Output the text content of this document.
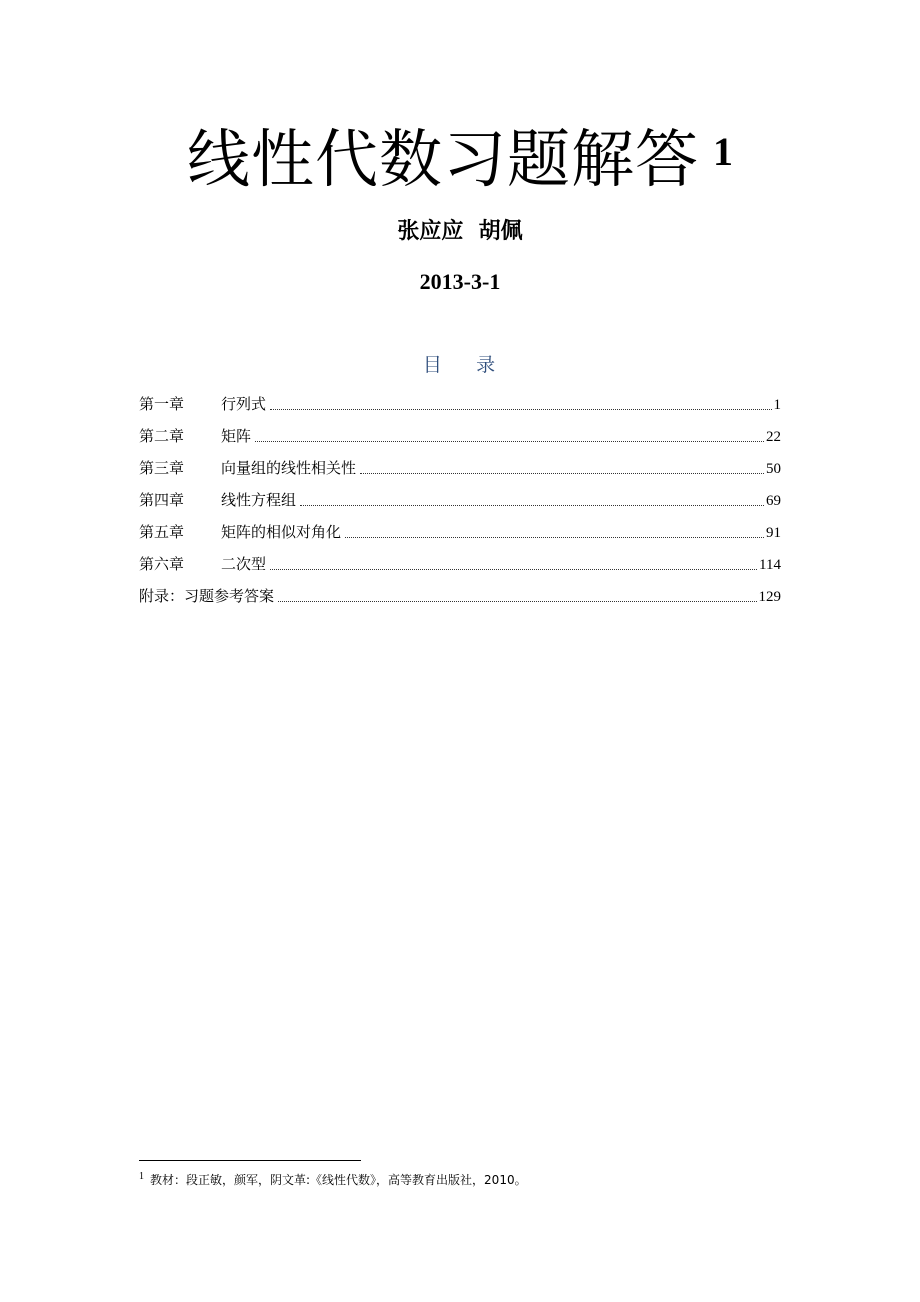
线性代数习题解答 1
张应应  胡佩
2013-3-1
目    录
第一章	行列式	1
第二章	矩阵	22
第三章	向量组的线性相关性	50
第四章	线性方程组	69
第五章	矩阵的相似对角化	91
第六章	二次型	114
附录：习题参考答案	129
$^1$ 教材：段正敏，颜军，阴文革:《线性代数》，高等教育出版社，2010。
